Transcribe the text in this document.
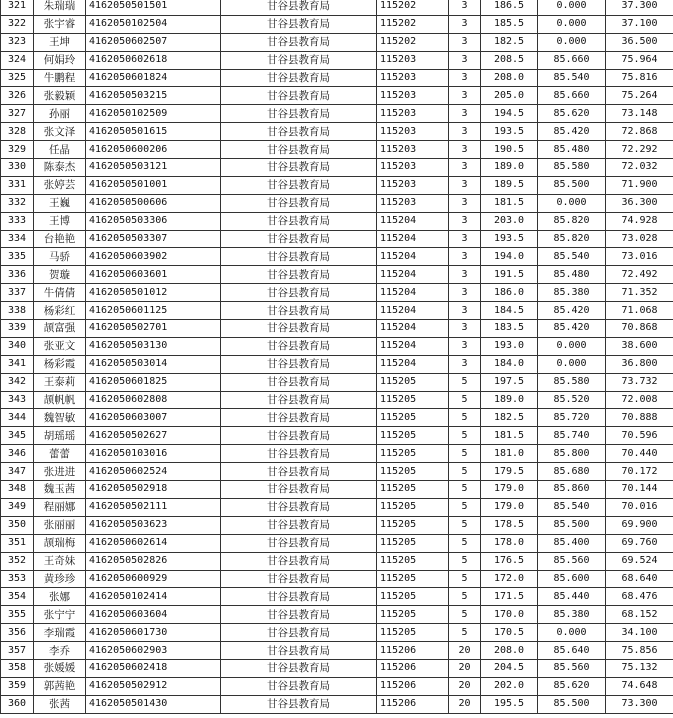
321	朱瑞瑞	4162050501501	甘谷县教育局	115202	3	186.5	0.000	37.300
322	张宇睿	4162050102504	甘谷县教育局	115202	3	185.5	0.000	37.100
323	王坤	4162050602507	甘谷县教育局	115202	3	182.5	0.000	36.500
324	何娟玲	4162050602618	甘谷县教育局	115203	3	208.5	85.660	75.964
325	牛鹏程	4162050601824	甘谷县教育局	115203	3	208.0	85.540	75.816
326	张毅颖	4162050503215	甘谷县教育局	115203	3	205.0	85.660	75.264
327	孙丽	4162050102509	甘谷县教育局	115203	3	194.5	85.620	73.148
328	张文泽	4162050501615	甘谷县教育局	115203	3	193.5	85.420	72.868
329	任晶	4162050600206	甘谷县教育局	115203	3	190.5	85.480	72.292
330	陈泰杰	4162050503121	甘谷县教育局	115203	3	189.0	85.580	72.032
331	张婷芸	4162050501001	甘谷县教育局	115203	3	189.5	85.500	71.900
332	王巍	4162050500606	甘谷县教育局	115203	3	181.5	0.000	36.300
333	王博	4162050503306	甘谷县教育局	115204	3	203.0	85.820	74.928
334	台艳艳	4162050503307	甘谷县教育局	115204	3	193.5	85.820	73.028
335	马骄	4162050603902	甘谷县教育局	115204	3	194.0	85.540	73.016
336	贺璇	4162050603601	甘谷县教育局	115204	3	191.5	85.480	72.492
337	牛倩倩	4162050501012	甘谷县教育局	115204	3	186.0	85.380	71.352
338	杨彩红	4162050601125	甘谷县教育局	115204	3	184.5	85.420	71.068
339	颉富强	4162050502701	甘谷县教育局	115204	3	183.5	85.420	70.868
340	张亚文	4162050503130	甘谷县教育局	115204	3	193.0	0.000	38.600
341	杨彩霞	4162050503014	甘谷县教育局	115204	3	184.0	0.000	36.800
342	王泰莉	4162050601825	甘谷县教育局	115205	5	197.5	85.580	73.732
343	颉帆帆	4162050602808	甘谷县教育局	115205	5	189.0	85.520	72.008
344	魏智敏	4162050603007	甘谷县教育局	115205	5	182.5	85.720	70.888
345	胡瑶瑶	4162050502627	甘谷县教育局	115205	5	181.5	85.740	70.596
346	蕾蕾	4162050103016	甘谷县教育局	115205	5	181.0	85.800	70.440
347	张进进	4162050602524	甘谷县教育局	115205	5	179.5	85.680	70.172
348	魏玉茜	4162050502918	甘谷县教育局	115205	5	179.0	85.860	70.144
349	程丽娜	4162050502111	甘谷县教育局	115205	5	179.0	85.540	70.016
350	张丽丽	4162050503623	甘谷县教育局	115205	5	178.5	85.500	69.900
351	颉瑞梅	4162050602614	甘谷县教育局	115205	5	178.0	85.400	69.760
352	王奇妹	4162050502826	甘谷县教育局	115205	5	176.5	85.560	69.524
353	黄珍珍	4162050600929	甘谷县教育局	115205	5	172.0	85.600	68.640
354	张娜	4162050102414	甘谷县教育局	115205	5	171.5	85.440	68.476
355	张宁宁	4162050603604	甘谷县教育局	115205	5	170.0	85.380	68.152
356	李瑞霞	4162050601730	甘谷县教育局	115205	5	170.5	0.000	34.100
357	李乔	4162050602903	甘谷县教育局	115206	20	208.0	85.640	75.856
358	张媛媛	4162050602418	甘谷县教育局	115206	20	204.5	85.560	75.132
359	郭茜艳	4162050502912	甘谷县教育局	115206	20	202.0	85.620	74.648
360	张茜	4162050501430	甘谷县教育局	115206	20	195.5	85.500	73.300
